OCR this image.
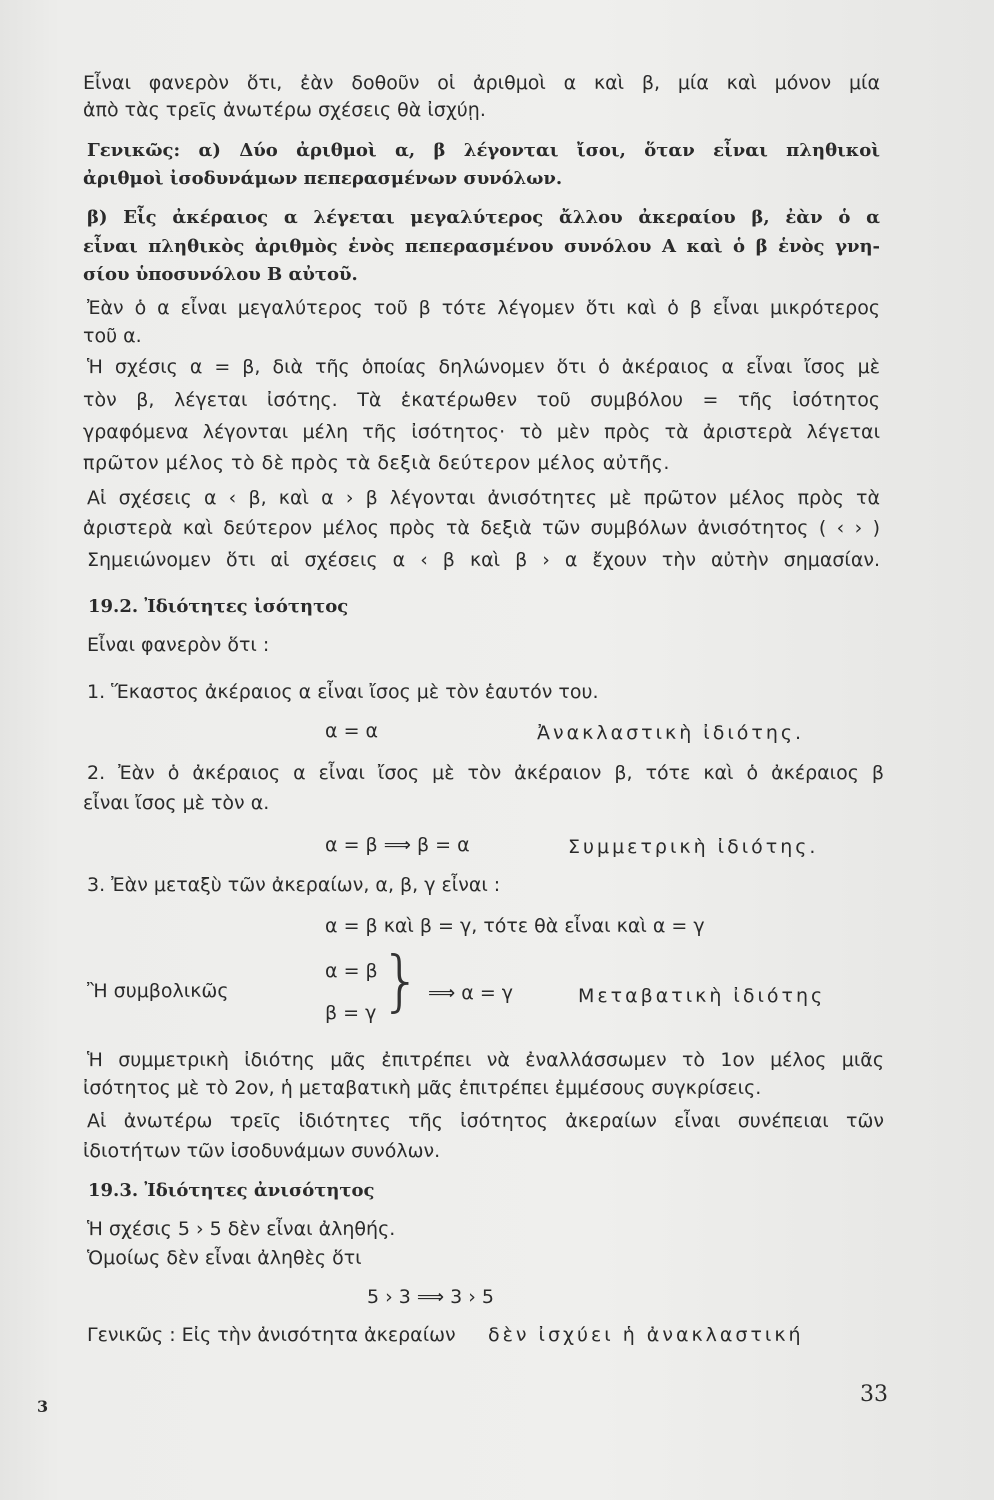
Εἶναι φανερὸν ὅτι, ἐὰν δοθοῦν οἱ ἀριθμοὶ α καὶ β, μία καὶ μόνον μία
ἀπὸ τὰς τρεῖς ἀνωτέρω σχέσεις θὰ ἰσχύῃ.
Γενικῶς: α) Δύο ἀριθμοὶ α, β λέγονται ἴσοι, ὅταν εἶναι πληθικοὶ
ἀριθμοὶ ἰσοδυνάμων πεπερασμένων συνόλων.
β) Εἷς ἀκέραιος α λέγεται μεγαλύτερος ἄλλου ἀκεραίου β, ἐὰν ὁ α
εἶναι πληθικὸς ἀριθμὸς ἑνὸς πεπερασμένου συνόλου Α καὶ ὁ β ἑνὸς γνη-
σίου ὑποσυνόλου Β αὐτοῦ.
Ἐὰν ὁ α εἶναι μεγαλύτερος τοῦ β τότε λέγομεν ὅτι καὶ ὁ β εἶναι μικρότερος
τοῦ α.
Ἡ σχέσις α = β, διὰ τῆς ὁποίας δηλώνομεν ὅτι ὁ ἀκέραιος α εἶναι ἴσος μὲ
τὸν β, λέγεται ἰσότης. Τὰ ἑκατέρωθεν τοῦ συμβόλου = τῆς ἰσότητος
γραφόμενα λέγονται μέλη τῆς ἰσότητος· τὸ μὲν πρὸς τὰ ἀριστερὰ λέγεται
πρῶτον μέλος τὸ δὲ πρὸς τὰ δεξιὰ δεύτερον μέλος αὐτῆς.
Αἱ σχέσεις α ‹ β, καὶ α › β λέγονται ἀνισότητες μὲ πρῶτον μέλος πρὸς τὰ
ἀριστερὰ καὶ δεύτερον μέλος πρὸς τὰ δεξιὰ τῶν συμβόλων ἀνισότητος ( ‹ › )
Σημειώνομεν ὅτι αἱ σχέσεις α ‹ β καὶ β › α ἔχουν τὴν αὐτὴν σημασίαν.
19.2. Ἰδιότητες ἰσότητος
Εἶναι φανερὸν ὅτι :
1. Ἕκαστος ἀκέραιος α εἶναι ἴσος μὲ τὸν ἑαυτόν του.
α = α	Ἀνακλαστικὴ ἰδιότης.
2. Ἐὰν ὁ ἀκέραιος α εἶναι ἴσος μὲ τὸν ἀκέραιον β, τότε καὶ ὁ ἀκέραιος β
εἶναι ἴσος μὲ τὸν α.
α = β ⟹ β = α	Συμμετρικὴ ἰδιότης.
3. Ἐὰν μεταξὺ τῶν ἀκεραίων, α, β, γ εἶναι :
α = β καὶ β = γ, τότε θὰ εἶναι καὶ α = γ
Ἢ συμβολικῶς
α = β
β = γ } ⟹ α = γ	Μεταβατικὴ ἰδιότης
Ἡ συμμετρικὴ ἰδιότης μᾶς ἐπιτρέπει νὰ ἐναλλάσσωμεν τὸ 1ον μέλος μιᾶς
ἰσότητος μὲ τὸ 2ον, ἡ μεταβατικὴ μᾶς ἐπιτρέπει ἐμμέσους συγκρίσεις.
Αἱ ἀνωτέρω τρεῖς ἰδιότητες τῆς ἰσότητος ἀκεραίων εἶναι συνέπειαι τῶν
ἰδιοτήτων τῶν ἰσοδυνάμων συνόλων.
19.3. Ἰδιότητες ἀνισότητος
Ἡ σχέσις 5 › 5 δὲν εἶναι ἀληθής.
Ὁμοίως δὲν εἶναι ἀληθὲς ὅτι
5 › 3 ⟹ 3 › 5
Γενικῶς : Εἰς τὴν ἀνισότητα ἀκεραίων δὲν ἰσχύει ἡ ἀνακλαστική
3	33
